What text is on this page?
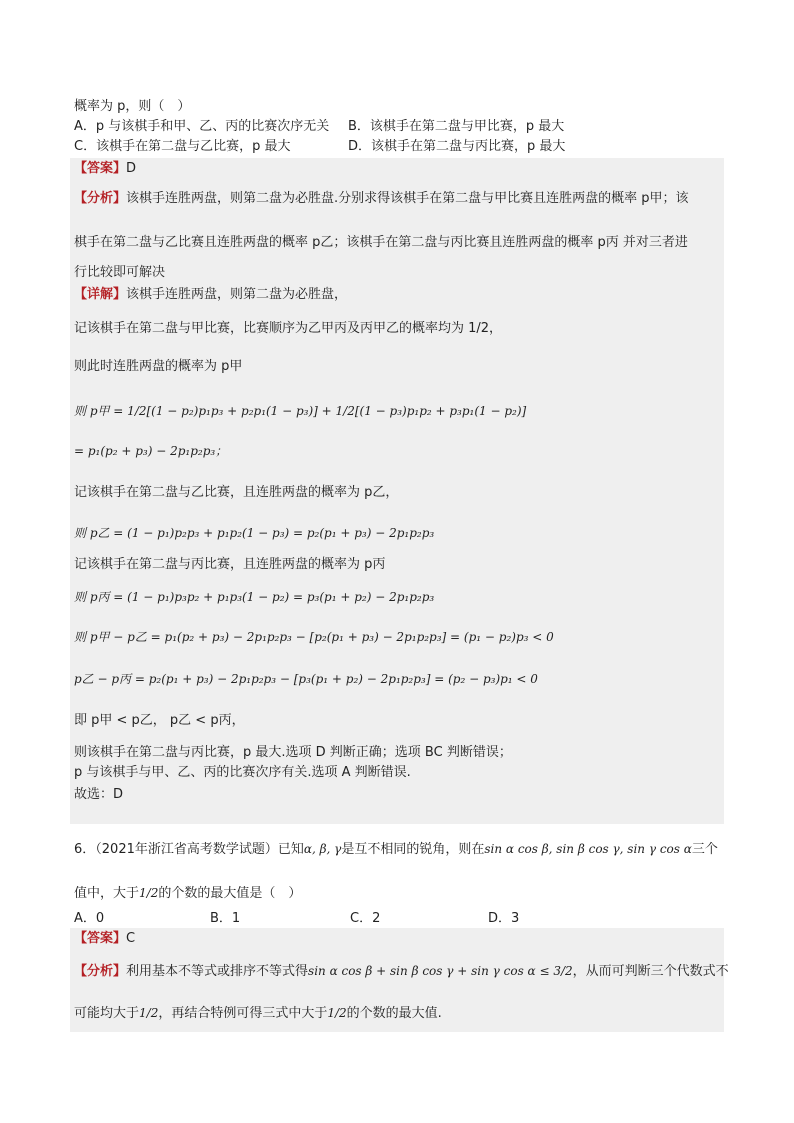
概率为 p，则（　）
A．p 与该棋手和甲、乙、丙的比赛次序无关 B．该棋手在第二盘与甲比赛，p 最大
C．该棋手在第二盘与乙比赛，p 最大	D．该棋手在第二盘与丙比赛，p 最大
【答案】D
【分析】该棋手连胜两盘，则第二盘为必胜盘.分别求得该棋手在第二盘与甲比赛且连胜两盘的概率 p甲；该
棋手在第二盘与乙比赛且连胜两盘的概率 p乙；该棋手在第二盘与丙比赛且连胜两盘的概率 p丙 并对三者进
行比较即可解决
【详解】该棋手连胜两盘，则第二盘为必胜盘，
记该棋手在第二盘与甲比赛，比赛顺序为乙甲丙及丙甲乙的概率均为 1/2，
则此时连胜两盘的概率为 p甲
则 p甲 = 1/2[(1 − p₂)p₁p₃ + p₂p₁(1 − p₃)] + 1/2[(1 − p₃)p₁p₂ + p₃p₁(1 − p₂)]
= p₁(p₂ + p₃) − 2p₁p₂p₃；
记该棋手在第二盘与乙比赛，且连胜两盘的概率为 p乙，
则 p乙 = (1 − p₁)p₂p₃ + p₁p₂(1 − p₃) = p₂(p₁ + p₃) − 2p₁p₂p₃
记该棋手在第二盘与丙比赛，且连胜两盘的概率为 p丙
则 p丙 = (1 − p₁)p₃p₂ + p₁p₃(1 − p₂) = p₃(p₁ + p₂) − 2p₁p₂p₃
则 p甲 − p乙 = p₁(p₂ + p₃) − 2p₁p₂p₃ − [p₂(p₁ + p₃) − 2p₁p₂p₃] = (p₁ − p₂)p₃ < 0
p乙 − p丙 = p₂(p₁ + p₃) − 2p₁p₂p₃ − [p₃(p₁ + p₂) − 2p₁p₂p₃] = (p₂ − p₃)p₁ < 0
即 p甲 < p乙， p乙 < p丙，
则该棋手在第二盘与丙比赛，p 最大.选项 D 判断正确；选项 BC 判断错误；
p 与该棋手与甲、乙、丙的比赛次序有关.选项 A 判断错误.
故选：D
6．（2021年浙江省高考数学试题）已知α, β, γ是互不相同的锐角，则在sin α cos β, sin β cos γ, sin γ cos α三个
值中，大于1/2的个数的最大值是（　）
A．0	B．1	C．2	D．3
【答案】C
【分析】利用基本不等式或排序不等式得sin α cos β + sin β cos γ + sin γ cos α ≤ 3/2，从而可判断三个代数式不
可能均大于1/2，再结合特例可得三式中大于1/2的个数的最大值.
